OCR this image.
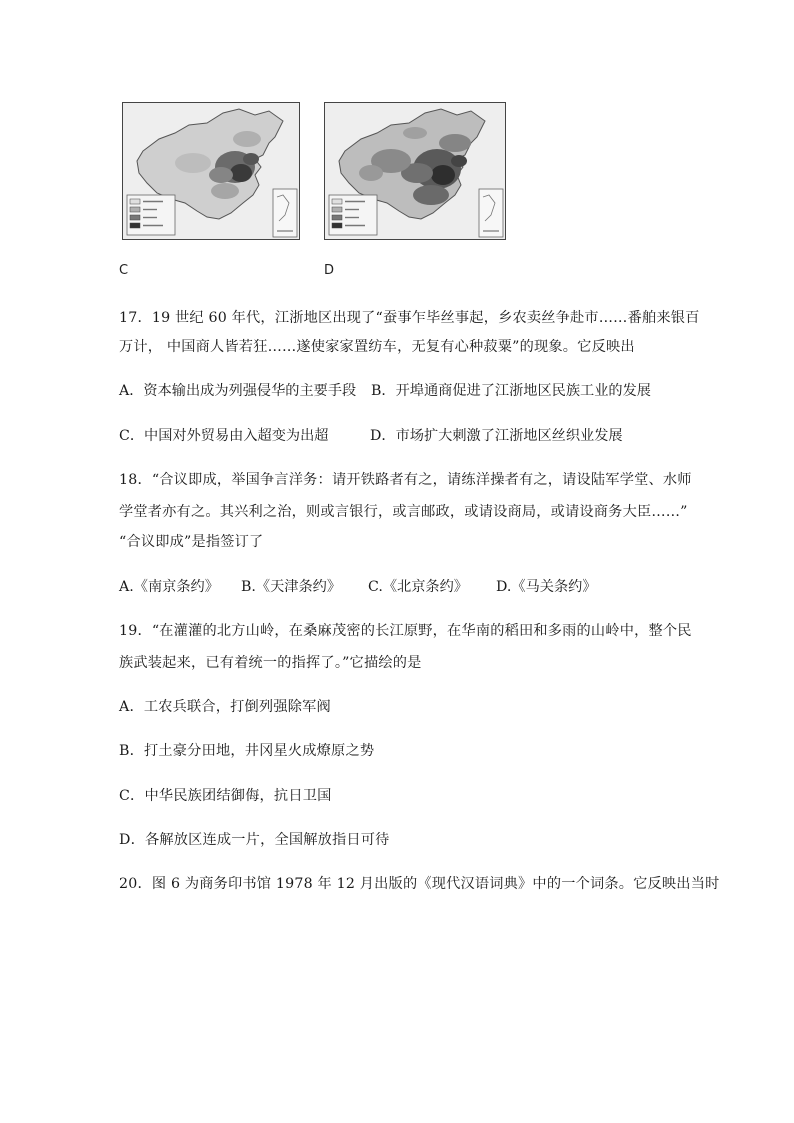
C	D
17．19 世纪 60 年代，江浙地区出现了“蚕事乍毕丝事起，乡农卖丝争赴市……番舶来银百
万计， 中国商人皆若狂……遂使家家置纺车，无复有心种菽粟”的现象。它反映出
A．资本输出成为列强侵华的主要手段 B．开埠通商促进了江浙地区民族工业的发展
C．中国对外贸易由入超变为出超	D．市场扩大刺激了江浙地区丝织业发展
18．“合议即成，举国争言洋务：请开铁路者有之，请练洋操者有之，请设陆军学堂、水师
学堂者亦有之。其兴利之治，则或言银行，或言邮政，或请设商局，或请设商务大臣……”
“合议即成”是指签订了
A.《南京条约》 B.《天津条约》 C.《北京条约》 D.《马关条约》
19．“在灌灌的北方山岭，在桑麻茂密的长江原野，在华南的稻田和多雨的山岭中，整个民
族武装起来，已有着统一的指挥了。”它描绘的是
A．工农兵联合，打倒列强除军阀
B．打土豪分田地，井冈星火成燎原之势
C．中华民族团结御侮，抗日卫国
D．各解放区连成一片，全国解放指日可待
20．图 6 为商务印书馆 1978 年 12 月出版的《现代汉语词典》中的一个词条。它反映出当时
